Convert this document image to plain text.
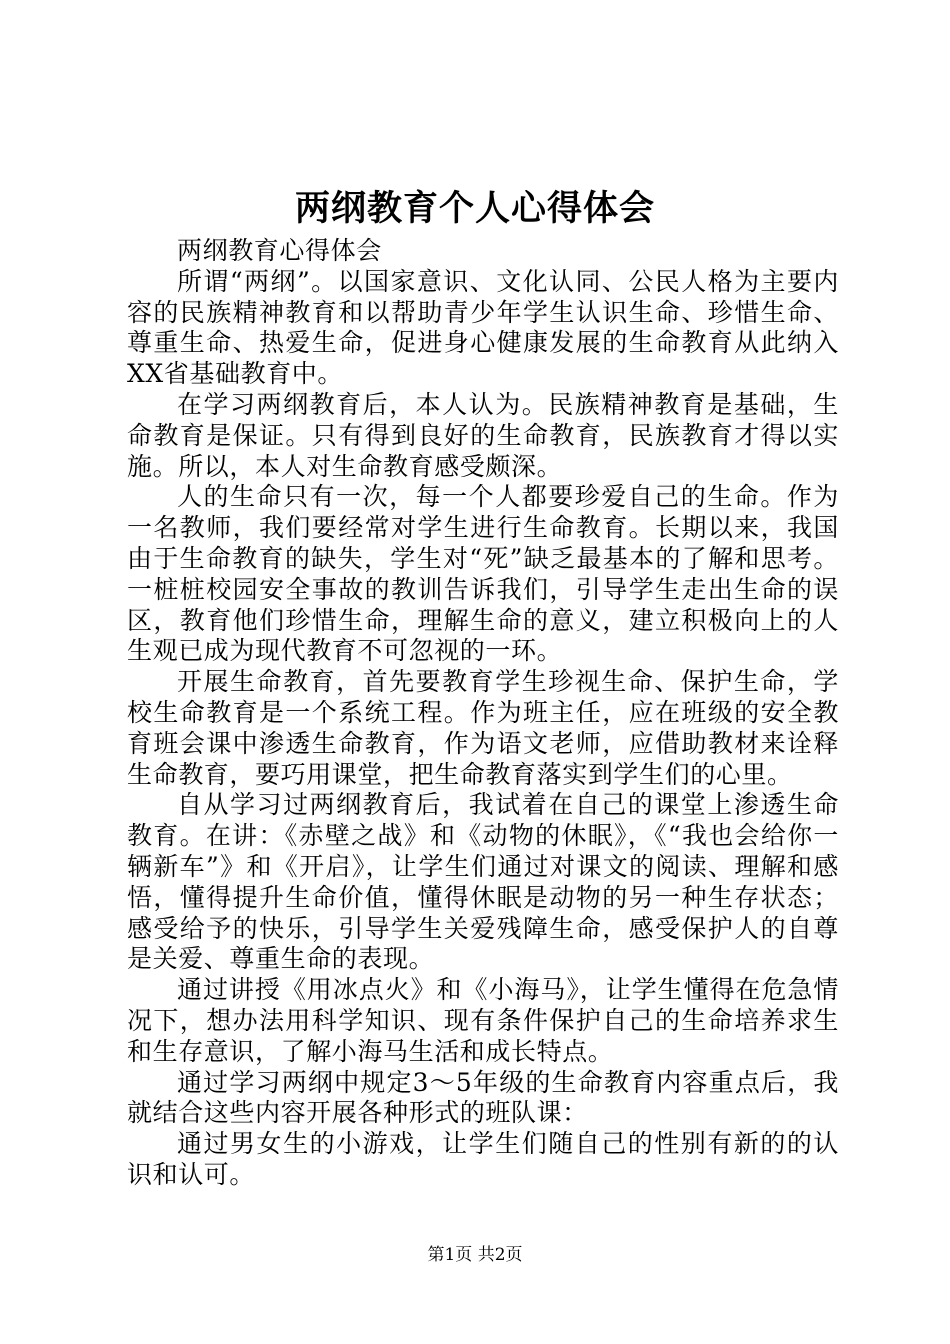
两纲教育个人心得体会

两纲教育心得体会

所谓“两纲”。以国家意识、文化认同、公民人格为主要内容的民族精神教育和以帮助青少年学生认识生命、珍惜生命、尊重生命、热爱生命，促进身心健康发展的生命教育从此纳入XX省基础教育中。

在学习两纲教育后，本人认为。民族精神教育是基础，生命教育是保证。只有得到良好的生命教育，民族教育才得以实施。所以，本人对生命教育感受颇深。

人的生命只有一次，每一个人都要珍爱自己的生命。作为一名教师，我们要经常对学生进行生命教育。长期以来，我国由于生命教育的缺失，学生对“死”缺乏最基本的了解和思考。一桩桩校园安全事故的教训告诉我们，引导学生走出生命的误区，教育他们珍惜生命，理解生命的意义，建立积极向上的人生观已成为现代教育不可忽视的一环。

开展生命教育，首先要教育学生珍视生命、保护生命，学校生命教育是一个系统工程。作为班主任，应在班级的安全教育班会课中渗透生命教育，作为语文老师，应借助教材来诠释生命教育，要巧用课堂，把生命教育落实到学生们的心里。

自从学习过两纲教育后，我试着在自己的课堂上渗透生命教育。在讲：《赤壁之战》和《动物的休眠》，《“我也会给你一辆新车”》和《开启》，让学生们通过对课文的阅读、理解和感悟，懂得提升生命价值，懂得休眠是动物的另一种生存状态；感受给予的快乐，引导学生关爱残障生命，感受保护人的自尊是关爱、尊重生命的表现。

通过讲授《用冰点火》和《小海马》，让学生懂得在危急情况下，想办法用科学知识、现有条件保护自己的生命培养求生和生存意识，了解小海马生活和成长特点。

通过学习两纲中规定3～5年级的生命教育内容重点后，我就结合这些内容开展各种形式的班队课：

通过男女生的小游戏，让学生们随自己的性别有新的的认识和认可。

第1页 共2页
